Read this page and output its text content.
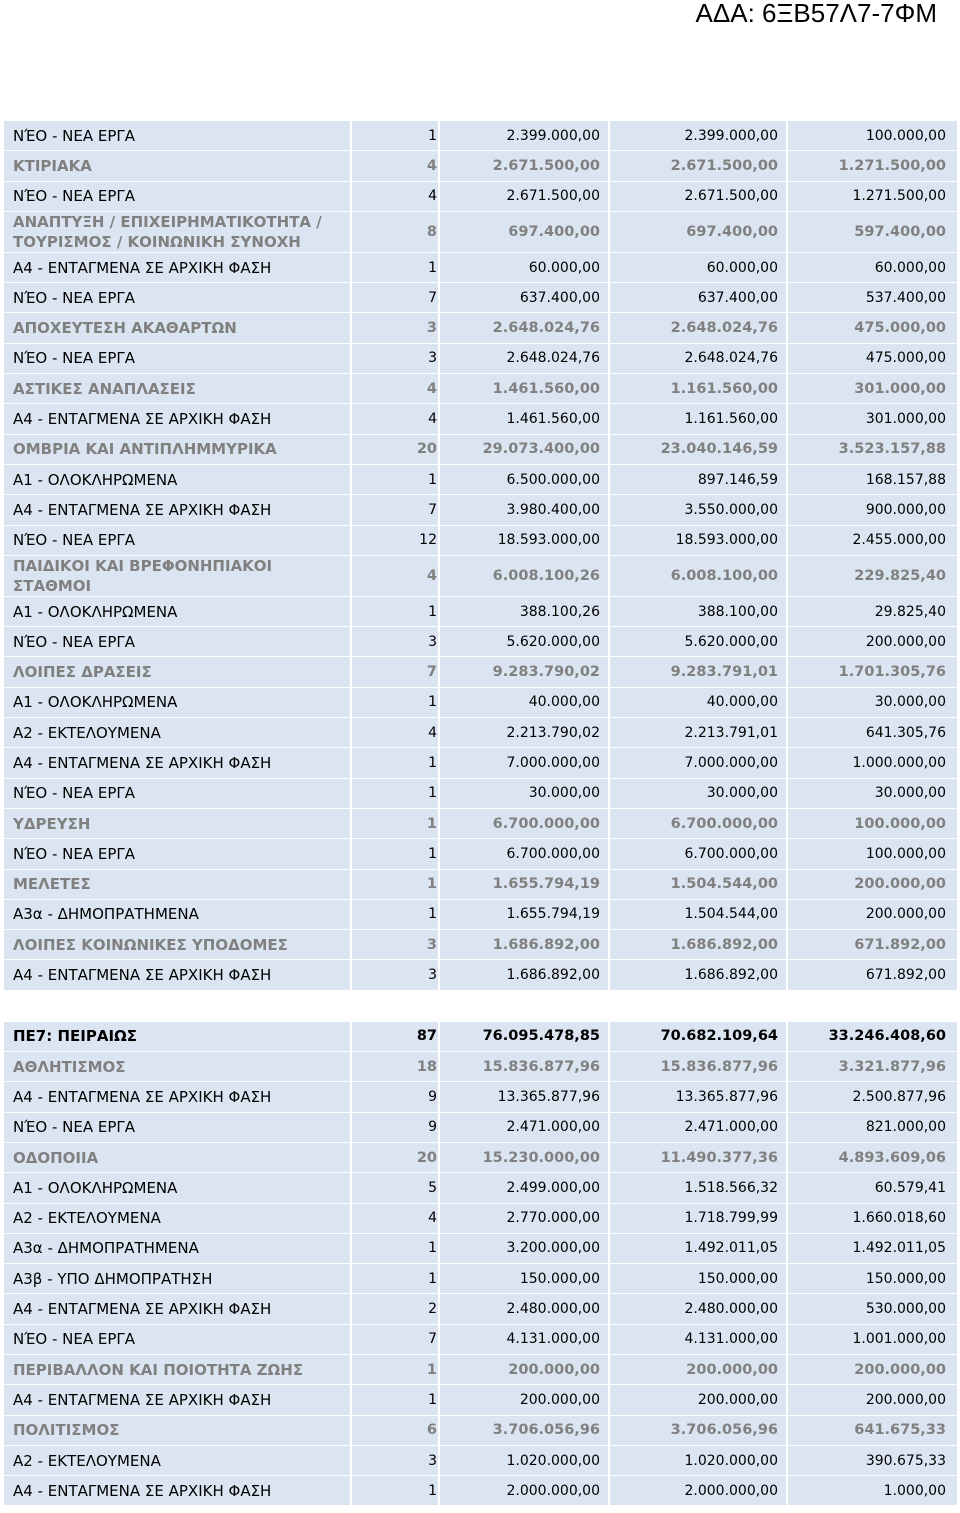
ΑΔΑ: 6ΞΒ57Λ7-7ΦΜ
ΝΈΟ - ΝΕΑ ΕΡΓΑ	1	2.399.000,00	2.399.000,00	100.000,00
ΚΤΙΡΙΑΚΑ	4	2.671.500,00	2.671.500,00	1.271.500,00
ΝΈΟ - ΝΕΑ ΕΡΓΑ	4	2.671.500,00	2.671.500,00	1.271.500,00
ΑΝΑΠΤΥΞΗ / ΕΠΙΧΕΙΡΗΜΑΤΙΚΟΤΗΤΑ /
ΤΟΥΡΙΣΜΟΣ / ΚΟΙΝΩΝΙΚΗ ΣΥΝΟΧΗ
8	697.400,00	697.400,00	597.400,00
Α4 - ΕΝΤΑΓΜΕΝΑ ΣΕ ΑΡΧΙΚΗ ΦΑΣΗ	1	60.000,00	60.000,00	60.000,00
ΝΈΟ - ΝΕΑ ΕΡΓΑ	7	637.400,00	637.400,00	537.400,00
ΑΠΟΧΕΥΤΕΣΗ ΑΚΑΘΑΡΤΩΝ	3	2.648.024,76	2.648.024,76	475.000,00
ΝΈΟ - ΝΕΑ ΕΡΓΑ	3	2.648.024,76	2.648.024,76	475.000,00
ΑΣΤΙΚΕΣ ΑΝΑΠΛΑΣΕΙΣ	4	1.461.560,00	1.161.560,00	301.000,00
Α4 - ΕΝΤΑΓΜΕΝΑ ΣΕ ΑΡΧΙΚΗ ΦΑΣΗ	4	1.461.560,00	1.161.560,00	301.000,00
ΟΜΒΡΙΑ ΚΑΙ ΑΝΤΙΠΛΗΜΜΥΡΙΚΑ	20	29.073.400,00	23.040.146,59	3.523.157,88
Α1 - ΟΛΟΚΛΗΡΩΜΕΝΑ	1	6.500.000,00	897.146,59	168.157,88
Α4 - ΕΝΤΑΓΜΕΝΑ ΣΕ ΑΡΧΙΚΗ ΦΑΣΗ	7	3.980.400,00	3.550.000,00	900.000,00
ΝΈΟ - ΝΕΑ ΕΡΓΑ	12	18.593.000,00	18.593.000,00	2.455.000,00
ΠΑΙΔΙΚΟΙ ΚΑΙ ΒΡΕΦΟΝΗΠΙΑΚΟΙ
ΣΤΑΘΜΟΙ
4	6.008.100,26	6.008.100,00	229.825,40
Α1 - ΟΛΟΚΛΗΡΩΜΕΝΑ	1	388.100,26	388.100,00	29.825,40
ΝΈΟ - ΝΕΑ ΕΡΓΑ	3	5.620.000,00	5.620.000,00	200.000,00
ΛΟΙΠΕΣ ΔΡΑΣΕΙΣ	7	9.283.790,02	9.283.791,01	1.701.305,76
Α1 - ΟΛΟΚΛΗΡΩΜΕΝΑ	1	40.000,00	40.000,00	30.000,00
Α2 - ΕΚΤΕΛΟΥΜΕΝΑ	4	2.213.790,02	2.213.791,01	641.305,76
Α4 - ΕΝΤΑΓΜΕΝΑ ΣΕ ΑΡΧΙΚΗ ΦΑΣΗ	1	7.000.000,00	7.000.000,00	1.000.000,00
ΝΈΟ - ΝΕΑ ΕΡΓΑ	1	30.000,00	30.000,00	30.000,00
ΥΔΡΕΥΣΗ	1	6.700.000,00	6.700.000,00	100.000,00
ΝΈΟ - ΝΕΑ ΕΡΓΑ	1	6.700.000,00	6.700.000,00	100.000,00
ΜΕΛΕΤΕΣ	1	1.655.794,19	1.504.544,00	200.000,00
Α3α - ΔΗΜΟΠΡΑΤΗΜΕΝΑ	1	1.655.794,19	1.504.544,00	200.000,00
ΛΟΙΠΕΣ ΚΟΙΝΩΝΙΚΕΣ ΥΠΟΔΟΜΕΣ	3	1.686.892,00	1.686.892,00	671.892,00
Α4 - ΕΝΤΑΓΜΕΝΑ ΣΕ ΑΡΧΙΚΗ ΦΑΣΗ	3	1.686.892,00	1.686.892,00	671.892,00
ΠΕ7: ΠΕΙΡΑΙΩΣ	87	76.095.478,85	70.682.109,64	33.246.408,60
ΑΘΛΗΤΙΣΜΟΣ	18	15.836.877,96	15.836.877,96	3.321.877,96
Α4 - ΕΝΤΑΓΜΕΝΑ ΣΕ ΑΡΧΙΚΗ ΦΑΣΗ	9	13.365.877,96	13.365.877,96	2.500.877,96
ΝΈΟ - ΝΕΑ ΕΡΓΑ	9	2.471.000,00	2.471.000,00	821.000,00
ΟΔΟΠΟΙΙΑ	20	15.230.000,00	11.490.377,36	4.893.609,06
Α1 - ΟΛΟΚΛΗΡΩΜΕΝΑ	5	2.499.000,00	1.518.566,32	60.579,41
Α2 - ΕΚΤΕΛΟΥΜΕΝΑ	4	2.770.000,00	1.718.799,99	1.660.018,60
Α3α - ΔΗΜΟΠΡΑΤΗΜΕΝΑ	1	3.200.000,00	1.492.011,05	1.492.011,05
Α3β - ΥΠΟ ΔΗΜΟΠΡΑΤΗΣΗ	1	150.000,00	150.000,00	150.000,00
Α4 - ΕΝΤΑΓΜΕΝΑ ΣΕ ΑΡΧΙΚΗ ΦΑΣΗ	2	2.480.000,00	2.480.000,00	530.000,00
ΝΈΟ - ΝΕΑ ΕΡΓΑ	7	4.131.000,00	4.131.000,00	1.001.000,00
ΠΕΡΙΒΑΛΛΟΝ ΚΑΙ ΠΟΙΟΤΗΤΑ ΖΩΗΣ	1	200.000,00	200.000,00	200.000,00
Α4 - ΕΝΤΑΓΜΕΝΑ ΣΕ ΑΡΧΙΚΗ ΦΑΣΗ	1	200.000,00	200.000,00	200.000,00
ΠΟΛΙΤΙΣΜΟΣ	6	3.706.056,96	3.706.056,96	641.675,33
Α2 - ΕΚΤΕΛΟΥΜΕΝΑ	3	1.020.000,00	1.020.000,00	390.675,33
Α4 - ΕΝΤΑΓΜΕΝΑ ΣΕ ΑΡΧΙΚΗ ΦΑΣΗ	1	2.000.000,00	2.000.000,00	1.000,00
